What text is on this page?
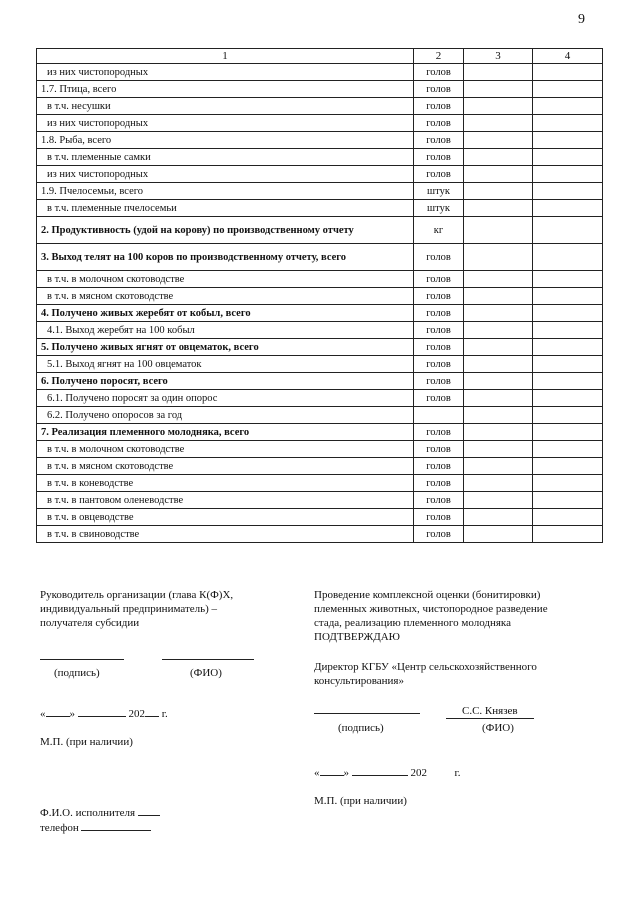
9
1	2	3	4
из них чистопородных	голов		
1.7. Птица, всего	голов		
в т.ч. несушки	голов		
из них чистопородных	голов		
1.8. Рыба, всего	голов		
в т.ч. племенные самки	голов		
из них чистопородных	голов		
1.9. Пчелосемьи, всего	штук		
в т.ч. племенные пчелосемьи	штук		
2. Продуктивность (удой на корову) по производственному отчету	кг		
3. Выход телят на 100 коров по производственному отчету, всего	голов		
в т.ч. в молочном скотоводстве	голов		
в т.ч. в мясном скотоводстве	голов		
4. Получено живых жеребят от кобыл, всего	голов		
4.1. Выход жеребят на 100 кобыл	голов		
5. Получено живых ягнят от овцематок, всего	голов		
5.1. Выход ягнят на 100 овцематок	голов		
6. Получено поросят, всего	голов		
6.1. Получено поросят за один опорос	голов		
6.2. Получено опоросов за год			
7. Реализация племенного молодняка, всего	голов		
в т.ч. в молочном скотоводстве	голов		
в т.ч. в мясном скотоводстве	голов		
в т.ч. в коневодстве	голов		
в т.ч. в пантовом оленеводстве	голов		
в т.ч. в овцеводстве	голов		
в т.ч. в свиноводстве	голов		
Руководитель организации (глава К(Ф)Х,
индивидуальный предприниматель) –
получателя субсидии
(подпись)	(ФИО)
« »	202 г.
М.П. (при наличии)
Ф.И.О. исполнителя
телефон
Проведение комплексной оценки (бонитировки)
племенных животных, чистопородное разведение
стада, реализацию племенного молодняка
ПОДТВЕРЖДАЮ
Директор КГБУ «Центр сельскохозяйственного
консультирования»
С.С. Князев
(подпись)	(ФИО)
« »	202	г.
М.П. (при наличии)
